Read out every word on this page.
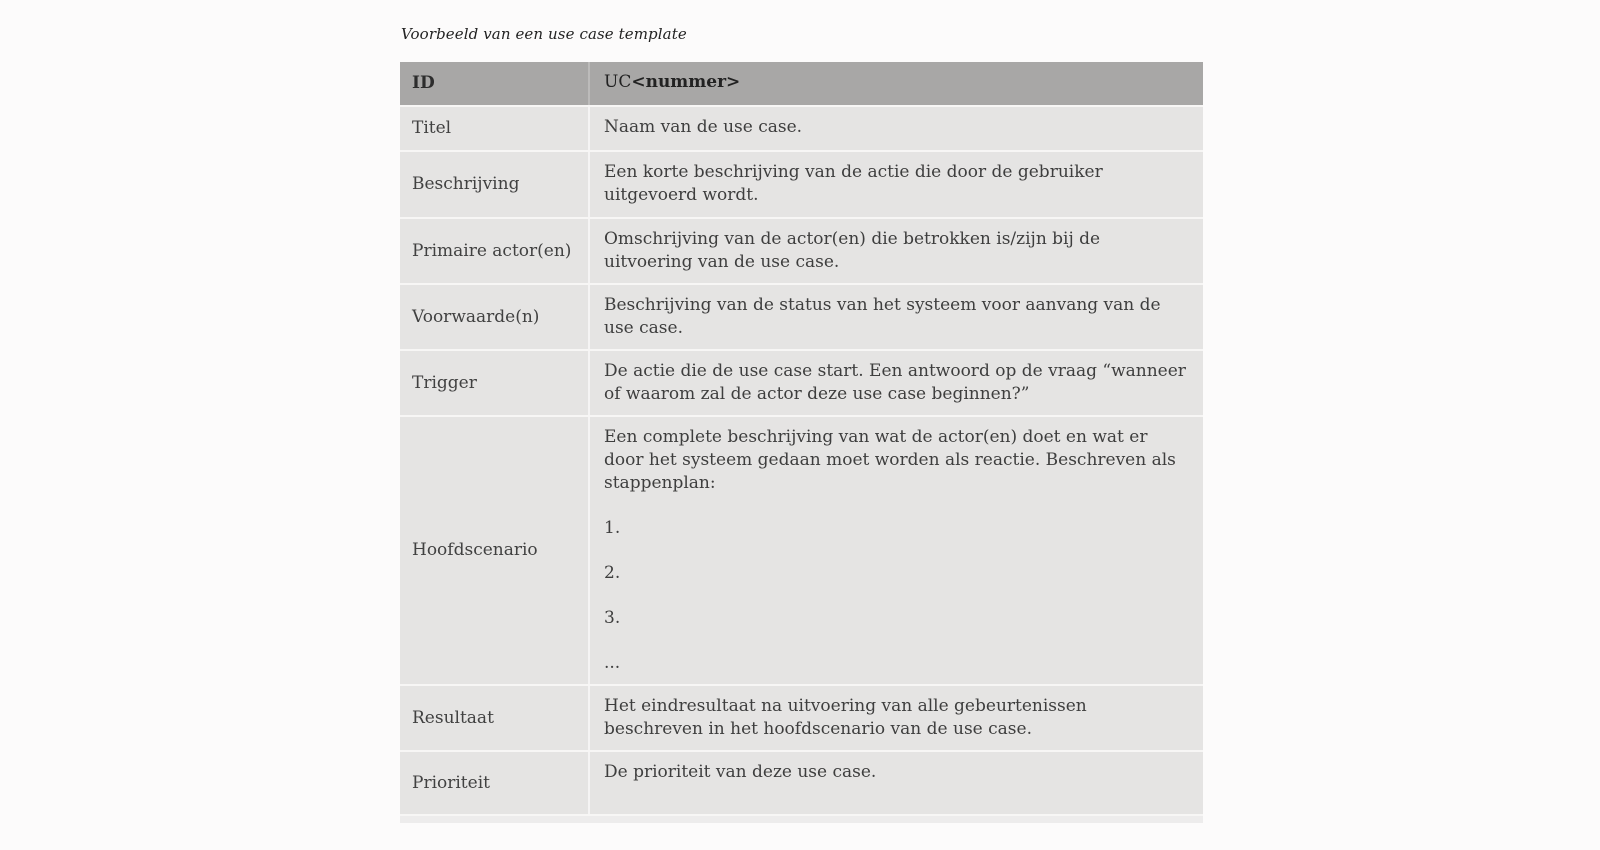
Voorbeeld van een use case template
ID	UC<nummer>
Titel	Naam van de use case.
Beschrijving
Een korte beschrijving van de actie die door de gebruiker uitgevoerd wordt.
Primaire actor(en)
Omschrijving van de actor(en) die betrokken is/zijn bij de uitvoering van de use case.
Voorwaarde(n)
Beschrijving van de status van het systeem voor aanvang van de use case.
Trigger
De actie die de use case start. Een antwoord op de vraag “wanneer of waarom zal de actor deze use case beginnen?”
Hoofdscenario

Een complete beschrijving van wat de actor(en) doet en wat er door het systeem gedaan moet worden als reactie. Beschreven als stappenplan:

1.

2.

3.

...

Resultaat
Het eindresultaat na uitvoering van alle gebeurtenissen beschreven in het hoofdscenario van de use case.
Prioriteit
De prioriteit van deze use case.
